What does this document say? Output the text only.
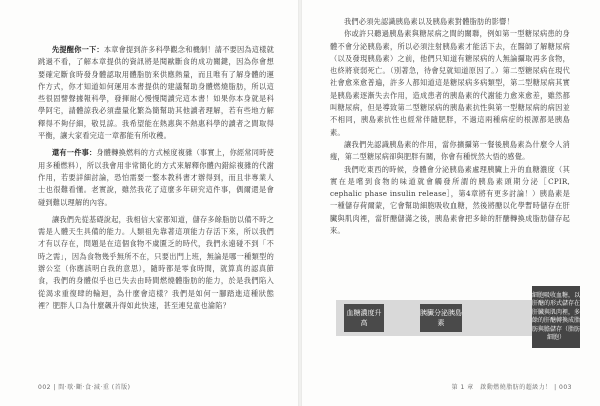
先提醒你一下：本章會提到許多科學觀念和機制！請不要因為這樣就跳過不看，了解本章提供的資訊將是閱歐斷食的成功關鍵，因為你會想要確定斷食時發身體認取用體脂肪來供應熱量，而且唯有了解身體的運作方式，你才知道如何運用本書提供的建議幫助身體燃燒脂肪，所以這些很固譬聲據報科學，發揮耐心慢慢閱讀完這本書！如果你本身就是科學阿宅，請體諒我必須盡量化繁為簡幫助其他讀者理解，若有些地方解釋得不夠仔細，敬見諒。我希望能在熱惠與不熱惠科學的讀者之間取得平衡，讓大家看完這一章都能有所收穫。

還有一件事：身體轉換燃料的方式極度複雜（事實上，你經常同時使用多種燃料），所以我會用非常簡化的方式來解釋你體內錯綜複雜的代謝作用，若要詳細討論，恐怕需要一整本教科書才辦得到，而且非專業人士也很難看懂。老實說，雖然我花了這麼多年研究這件事，偶爾還是會碰到難以理解的內容。

讓我們先從基礎說起，我相信大家都知道，儲存多餘脂肪以備不時之需是人體天生具備的能力。人類祖先靠著這項能力存活下來，所以我們才有以存在，問題是在這個食物不虞匱乏的時代，我們永遠碰不到「不時之需」，因為食物幾乎無所不在，只要出門上班，無論是哪一種類型的辦公室（你應該明白我的意思），隨時都是零食時間，就算真的認真節食，我們的身體似乎也已失去由時間燃燒體脂肪的能力，於是我們陷入從渴求重復肆的輪迴，為什麼會這樣？我們是如何一腳踏進這種狀態裡？肥胖人口為什麼飆升得如此快速，甚至連兒童也淪陷？

002 | 間·歇·斷·食·減·重 (首版)

我們必須先認識胰島素以及胰島素對體脂肪的影響！

你或許只聽過胰島素與糖尿病之間的關聯，例如第一型糖尿病患的身體不會分泌胰島素，所以必須注射胰島素才能活下去，在醫師了解糖尿病（以及發現胰島素）之前，他們只知道有糖尿病的人無論攝取再多食物，也終將衰弱死亡。（別著急，待會兒就知道原因了。）第二型糖尿病在現代社會愈來愈普遍，許多人都知道這是糖尿病多病類型，第二型糖尿病其實是胰島素逐漸失去作用，造成患者的胰島素的代謝能力愈來愈差，雖然都叫糖尿病，但是導致第二型糖尿病的胰島素抗性與第一型糖尿病的病因並不相同，胰島素抗性也經常伴隨肥胖，不過這兩種病症的根源都是胰島素。

讓我們先認識胰島素的作用，當你擴攝第一餐後胰島素為什麼令人消瘦，第二型糖尿病卻與肥胖有關，你會有種恍然大悟的感覺。

我們吃東西的時候，身體會分泌胰島素處理胰臟上升的血糖濃度（其實在是嚐到食物的味道就會觸發所謂的胰島素頭期分泌［CPIR, cephalic phase insulin release］，第4章將有更多討論！）胰島素是一種儲存荷爾蒙，它會幫助細胞吸收血糖，然後將醣以化學暫時儲存在肝臟與肌肉裡，當肝醣儲滿之後，胰島素會把多餘的肝醣轉換成脂肪儲存起來。

第 1 章　啟動燃燒脂肪的超級力！ | 003
血糖濃度升高
胰臟分泌胰島素
細胞吸收血糖，以肝醣的形式儲存在肝臟與肌肉裡，多餘的肝醣轉換成脂肪與膽儲存（脂肪細胞）
